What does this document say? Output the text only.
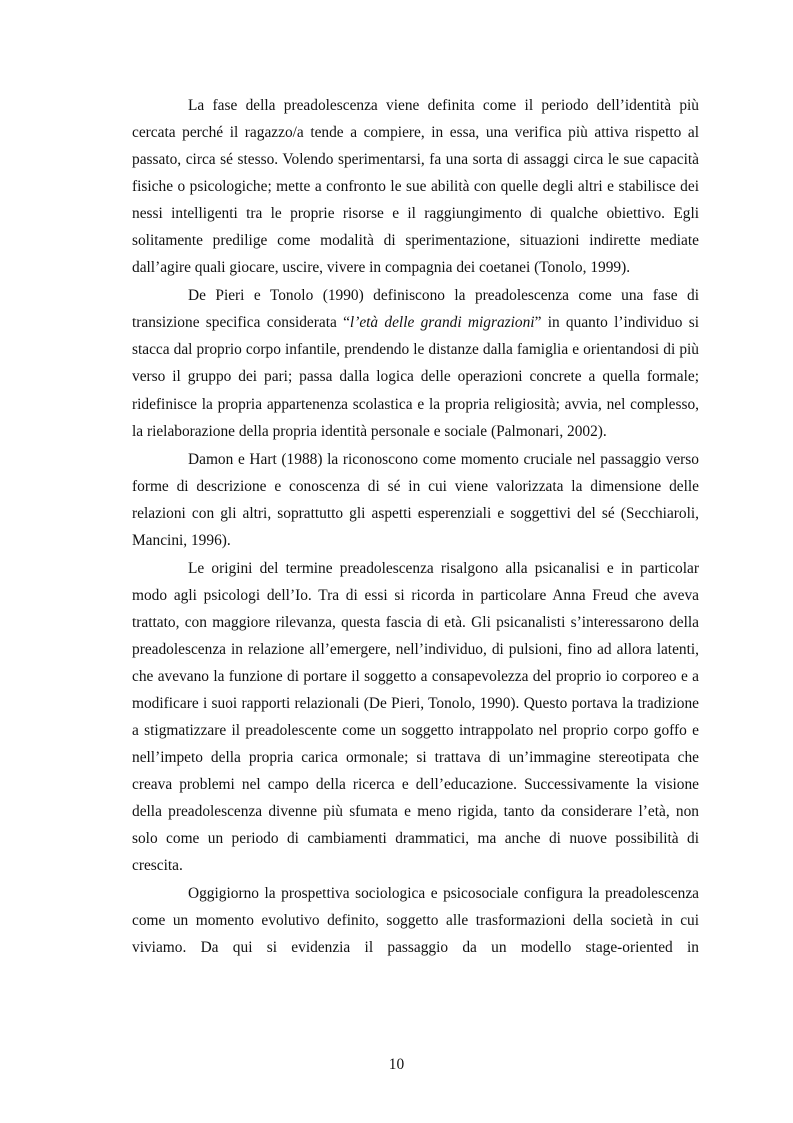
La fase della preadolescenza viene definita come il periodo dell’identità più cercata perché il ragazzo/a tende a compiere, in essa, una verifica più attiva rispetto al passato, circa sé stesso. Volendo sperimentarsi, fa una sorta di assaggi circa le sue capacità fisiche o psicologiche; mette a confronto le sue abilità con quelle degli altri e stabilisce dei nessi intelligenti tra le proprie risorse e il raggiungimento di qualche obiettivo. Egli solitamente predilige come modalità di sperimentazione, situazioni indirette mediate dall’agire quali giocare, uscire, vivere in compagnia dei coetanei (Tonolo, 1999).

De Pieri e Tonolo (1990) definiscono la preadolescenza come una fase di transizione specifica considerata “l’età delle grandi migrazioni” in quanto l’individuo si stacca dal proprio corpo infantile, prendendo le distanze dalla famiglia e orientandosi di più verso il gruppo dei pari; passa dalla logica delle operazioni concrete a quella formale; ridefinisce la propria appartenenza scolastica e la propria religiosità; avvia, nel complesso, la rielaborazione della propria identità personale e sociale (Palmonari, 2002).

Damon e Hart (1988) la riconoscono come momento cruciale nel passaggio verso forme di descrizione e conoscenza di sé in cui viene valorizzata la dimensione delle relazioni con gli altri, soprattutto gli aspetti esperenziali e soggettivi del sé (Secchiaroli, Mancini, 1996).

Le origini del termine preadolescenza risalgono alla psicanalisi e in particolar modo agli psicologi dell’Io. Tra di essi si ricorda in particolare Anna Freud che aveva trattato, con maggiore rilevanza, questa fascia di età. Gli psicanalisti s’interessarono della preadolescenza in relazione all’emergere, nell’individuo, di pulsioni, fino ad allora latenti, che avevano la funzione di portare il soggetto a consapevolezza del proprio io corporeo e a modificare i suoi rapporti relazionali (De Pieri, Tonolo, 1990). Questo portava la tradizione a stigmatizzare il preadolescente come un soggetto intrappolato nel proprio corpo goffo e nell’impeto della propria carica ormonale; si trattava di un’immagine stereotipata che creava problemi nel campo della ricerca e dell’educazione. Successivamente la visione della preadolescenza divenne più sfumata e meno rigida, tanto da considerare l’età, non solo come un periodo di cambiamenti drammatici, ma anche di nuove possibilità di crescita.

Oggigiorno la prospettiva sociologica e psicosociale configura la preadolescenza come un momento evolutivo definito, soggetto alle trasformazioni della società in cui viviamo. Da qui si evidenzia il passaggio da un modello stage-oriented in

10
